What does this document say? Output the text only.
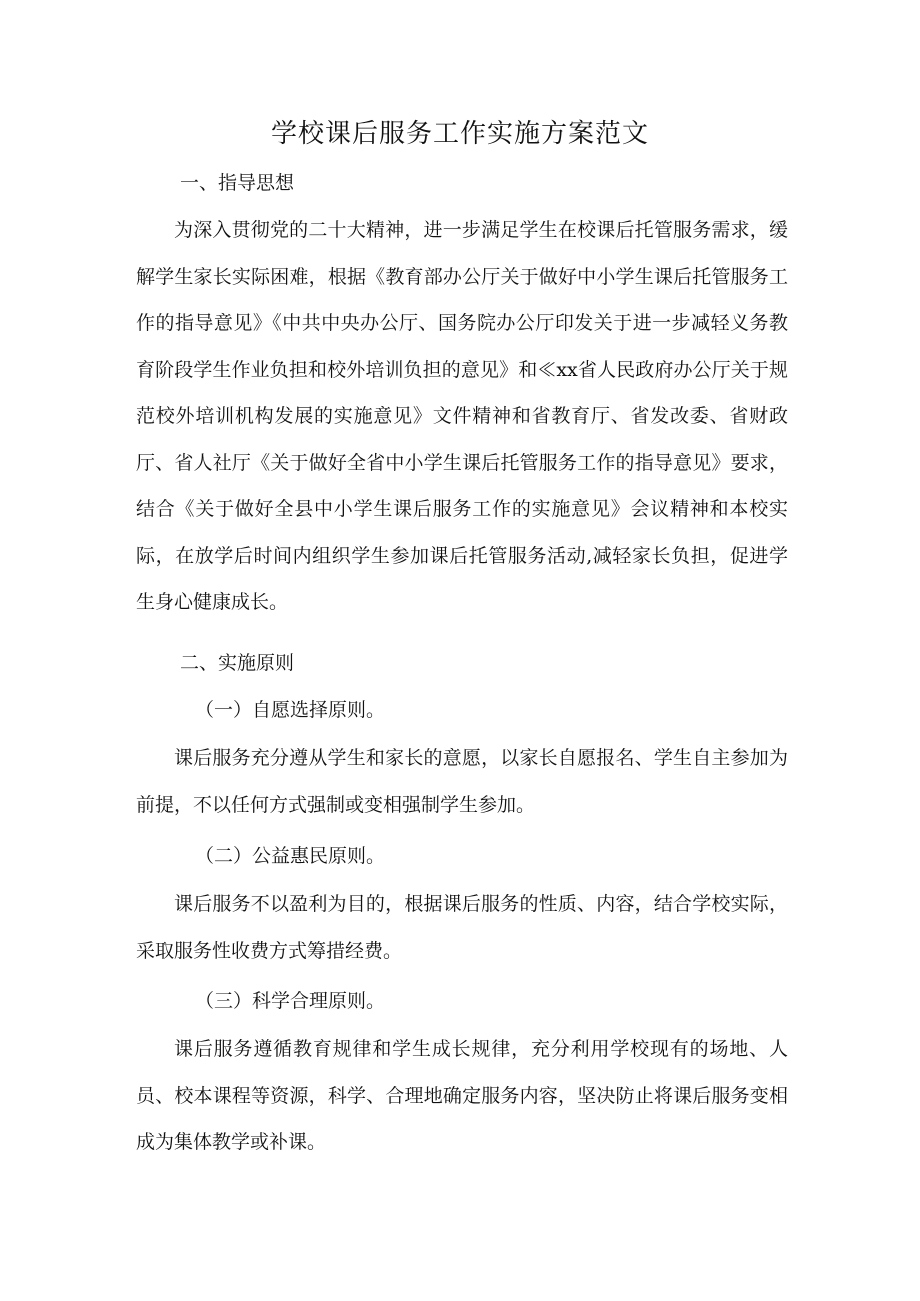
学校课后服务工作实施方案范文
一、指导思想

为深入贯彻党的二十大精神，进一步满足学生在校课后托管服务需求，缓解学生家长实际困难，根据《教育部办公厅关于做好中小学生课后托管服务工作的指导意见》《中共中央办公厅、国务院办公厅印发关于进一步减轻义务教育阶段学生作业负担和校外培训负担的意见》和≪xx省人民政府办公厅关于规范校外培训机构发展的实施意见》文件精神和省教育厅、省发改委、省财政厅、省人社厅《关于做好全省中小学生课后托管服务工作的指导意见》要求，结合《关于做好全县中小学生课后服务工作的实施意见》会议精神和本校实际，在放学后时间内组织学生参加课后托管服务活动,减轻家长负担，促进学生身心健康成长。

二、实施原则
（一）自愿选择原则。

课后服务充分遵从学生和家长的意愿，以家长自愿报名、学生自主参加为前提，不以任何方式强制或变相强制学生参加。

（二）公益惠民原则。

课后服务不以盈利为目的，根据课后服务的性质、内容，结合学校实际，采取服务性收费方式筹措经费。

（三）科学合理原则。

课后服务遵循教育规律和学生成长规律，充分利用学校现有的场地、人员、校本课程等资源，科学、合理地确定服务内容，坚决防止将课后服务变相成为集体教学或补课。
